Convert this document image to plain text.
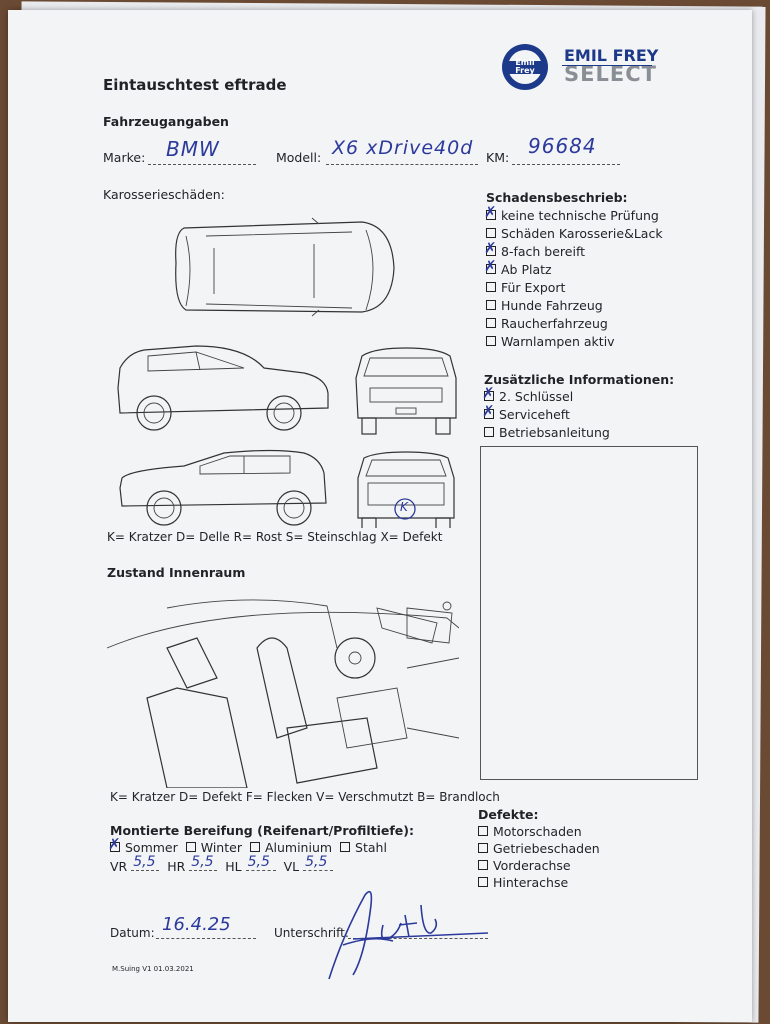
Emil
Frey
EMIL FREY
SELECT
Eintauschtest eftrade
Fahrzeugangaben
Marke: BMW	Modell: X6 xDrive40d KM: 96684
Karosserieschäden:
K
K= Kratzer D= Delle R= Rost S= Steinschlag X= Defekt
Zustand Innenraum
K= Kratzer D= Defekt F= Flecken V= Verschmutzt B= Brandloch
Montierte Bereifung (Reifenart/Profiltiefe):
✗Sommer Winter Aluminium Stahl
VR 5,5 HR 5,5 HL 5,5 VL 5,5
Datum: 16.4.25	Unterschrift:
M.Suing V1 01.03.2021
Schadensbeschrieb:
✗keine technische Prüfung
Schäden Karosserie&Lack
✗8-fach bereift
✗Ab Platz
Für Export
Hunde Fahrzeug
Raucherfahrzeug
Warnlampen aktiv
Zusätzliche Informationen:
✗2. Schlüssel
✗Serviceheft
Betriebsanleitung
Defekte:
Motorschaden
Getriebeschaden
Vorderachse
Hinterachse
